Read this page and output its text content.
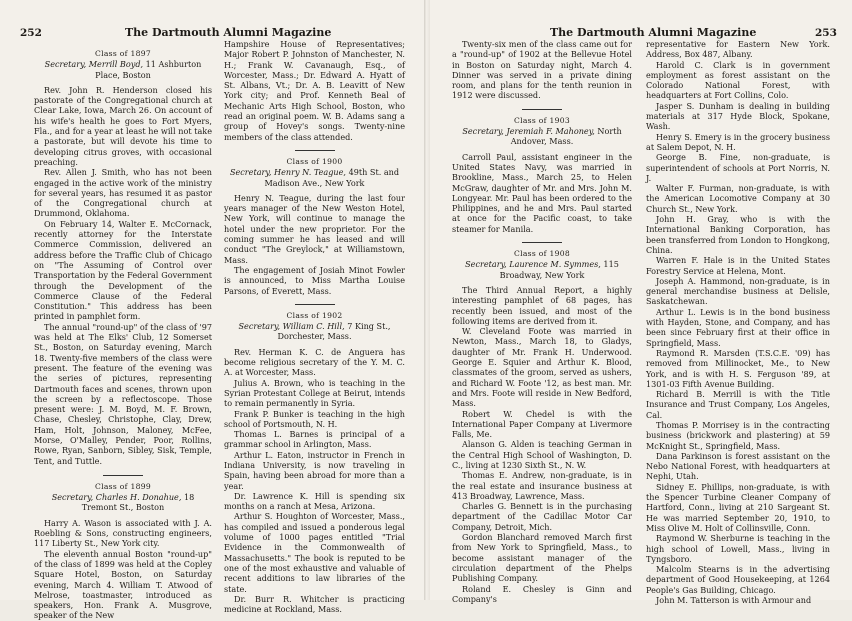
252	The Dartmouth Alumni Magazine
Class of 1897
Secretary, Merrill Boyd, 11 Ashburton Place, Boston

Rev. John R. Henderson closed his pastorate of the Congregational church at Clear Lake, Iowa, March 26. On account of his wife's health he goes to Fort Myers, Fla., and for a year at least he will not take a pastorate, but will devote his time to developing citrus groves, with occasional preaching.

Rev. Allen J. Smith, who has not been engaged in the active work of the ministry for several years, has resumed it as pastor of the Congregational church at Drummond, Oklahoma.

On February 14, Walter E. McCornack, recently attorney for the Interstate Commerce Commission, delivered an address before the Traffic Club of Chicago on "The Assuming of Control over Transportation by the Federal Government through the Development of the Commerce Clause of the Federal Constitution." This address has been printed in pamphlet form.

The annual "round-up" of the class of '97 was held at The Elks' Club, 12 Somerset St., Boston, on Saturday evening, March 18. Twenty-five members of the class were present. The feature of the evening was the series of pictures, representing Dartmouth faces and scenes, thrown upon the screen by a reflectoscope. Those present were: J. M. Boyd, M. F. Brown, Chase, Chesley, Christophe, Clay, Drew, Ham, Holt, Johnson, Maloney, McFee, Morse, O'Malley, Pender, Poor, Rollins, Rowe, Ryan, Sanborn, Sibley, Sisk, Temple, Tent, and Tuttle.

Class of 1899
Secretary, Charles H. Donahue, 18 Tremont St., Boston

Harry A. Wason is associated with J. A. Roebling & Sons, constructing engineers, 117 Liberty St., New York city.

The eleventh annual Boston "round-up" of the class of 1899 was held at the Copley Square Hotel, Boston, on Saturday evening, March 4. William T. Atwood of Melrose, toastmaster, introduced as speakers, Hon. Frank A. Musgrove, speaker of the New

Hampshire House of Representatives; Major Robert P. Johnston of Manchester, N. H.; Frank W. Cavanaugh, Esq., of Worcester, Mass.; Dr. Edward A. Hyatt of St. Albans, Vt.; Dr. A. B. Leavitt of New York city; and Prof. Kenneth Beal of Mechanic Arts High School, Boston, who read an original poem. W. B. Adams sang a group of Hovey's songs. Twenty-nine members of the class attended.

Class of 1900
Secretary, Henry N. Teague, 49th St. and Madison Ave., New York

Henry N. Teague, during the last four years manager of the New Weston Hotel, New York, will continue to manage the hotel under the new proprietor. For the coming summer he has leased and will conduct "The Greylock," at Williamstown, Mass.

The engagement of Josiah Minot Fowler is announced, to Miss Martha Louise Parsons, of Everett, Mass.

Class of 1902
Secretary, William C. Hill, 7 King St., Dorchester, Mass.

Rev. Herman K. C. de Anguera has become religious secretary of the Y. M. C. A. at Worcester, Mass.

Julius A. Brown, who is teaching in the Syrian Protestant College at Beirut, intends to remain permanently in Syria.

Frank P. Bunker is teaching in the high school of Portsmouth, N. H.

Thomas L. Barnes is principal of a grammar school in Arlington, Mass.

Arthur L. Eaton, instructor in French in Indiana University, is now traveling in Spain, having been abroad for more than a year.

Dr. Lawrence K. Hill is spending six months on a ranch at Mesa, Arizona.

Arthur S. Houghton of Worcester, Mass., has compiled and issued a ponderous legal volume of 1000 pages entitled "Trial Evidence in the Commonwealth of Massachusetts." The book is reputed to be one of the most exhaustive and valuable of recent additions to law libraries of the state.

Dr. Burr R. Whitcher is practicing medicine at Rockland, Mass.

The Dartmouth Alumni Magazine	253

Twenty-six men of the class came out for a "round-up" of 1902 at the Bellevue Hotel in Boston on Saturday night, March 4. Dinner was served in a private dining room, and plans for the tenth reunion in 1912 were discussed.

Class of 1903
Secretary, Jeremiah F. Mahoney, North Andover, Mass.

Carroll Paul, assistant engineer in the United States Navy, was married in Brookline, Mass., March 25, to Helen McGraw, daughter of Mr. and Mrs. John M. Longyear. Mr. Paul has been ordered to the Philippines, and he and Mrs. Paul started at once for the Pacific coast, to take steamer for Manila.

Class of 1908
Secretary, Laurence M. Symmes, 115 Broadway, New York

The Third Annual Report, a highly interesting pamphlet of 68 pages, has recently been issued, and most of the following items are derived from it.

W. Cleveland Foote was married in Newton, Mass., March 18, to Gladys, daughter of Mr. Frank H. Underwood. George E. Squier and Arthur K. Blood, classmates of the groom, served as ushers, and Richard W. Foote '12, as best man. Mr. and Mrs. Foote will reside in New Bedford, Mass.

Robert W. Chedel is with the International Paper Company at Livermore Falls, Me.

Alanson G. Alden is teaching German in the Central High School of Washington, D. C., living at 1230 Sixth St., N. W.

Thomas E. Andrew, non-graduate, is in the real estate and insurance business at 413 Broadway, Lawrence, Mass.

Charles G. Bennett is in the purchasing department of the Cadillac Motor Car Company, Detroit, Mich.

Gordon Blanchard removed March first from New York to Springfield, Mass., to become assistant manager of the circulation department of the Phelps Publishing Company.

Roland E. Chesley is Ginn and Company's

representative for Eastern New York. Address, Box 487, Albany.

Harold C. Clark is in government employment as forest assistant on the Colorado National Forest, with headquarters at Fort Collins, Colo.

Jasper S. Dunham is dealing in building materials at 317 Hyde Block, Spokane, Wash.

Henry S. Emery is in the grocery business at Salem Depot, N. H.

George B. Fine, non-graduate, is superintendent of schools at Port Norris, N. J.

Walter F. Furman, non-graduate, is with the American Locomotive Company at 30 Church St., New York.

John H. Gray, who is with the International Banking Corporation, has been transferred from London to Hongkong, China.

Warren F. Hale is in the United States Forestry Service at Helena, Mont.

Joseph A. Hammond, non-graduate, is in general merchandise business at Delisle, Saskatchewan.

Arthur L. Lewis is in the bond business with Hayden, Stone, and Company, and has been since February first at their office in Springfield, Mass.

Raymond R. Marsden (T.S.C.E. '09) has removed from Millinocket, Me., to New York, and is with H. S. Ferguson '89, at 1301-03 Fifth Avenue Building.

Richard B. Merrill is with the Title Insurance and Trust Company, Los Angeles, Cal.

Thomas P. Morrisey is in the contracting business (brickwork and plastering) at 59 McKnight St., Springfield, Mass.

Dana Parkinson is forest assistant on the Nebo National Forest, with headquarters at Nephi, Utah.

Sidney E. Phillips, non-graduate, is with the Spencer Turbine Cleaner Company of Hartford, Conn., living at 210 Sargeant St. He was married September 20, 1910, to Miss Olive M. Holt of Collinsville, Conn.

Raymond W. Sherburne is teaching in the high school of Lowell, Mass., living in Tyngsboro.

Malcolm Stearns is in the advertising department of Good Housekeeping, at 1264 People's Gas Building, Chicago.

John M. Tatterson is with Armour and
